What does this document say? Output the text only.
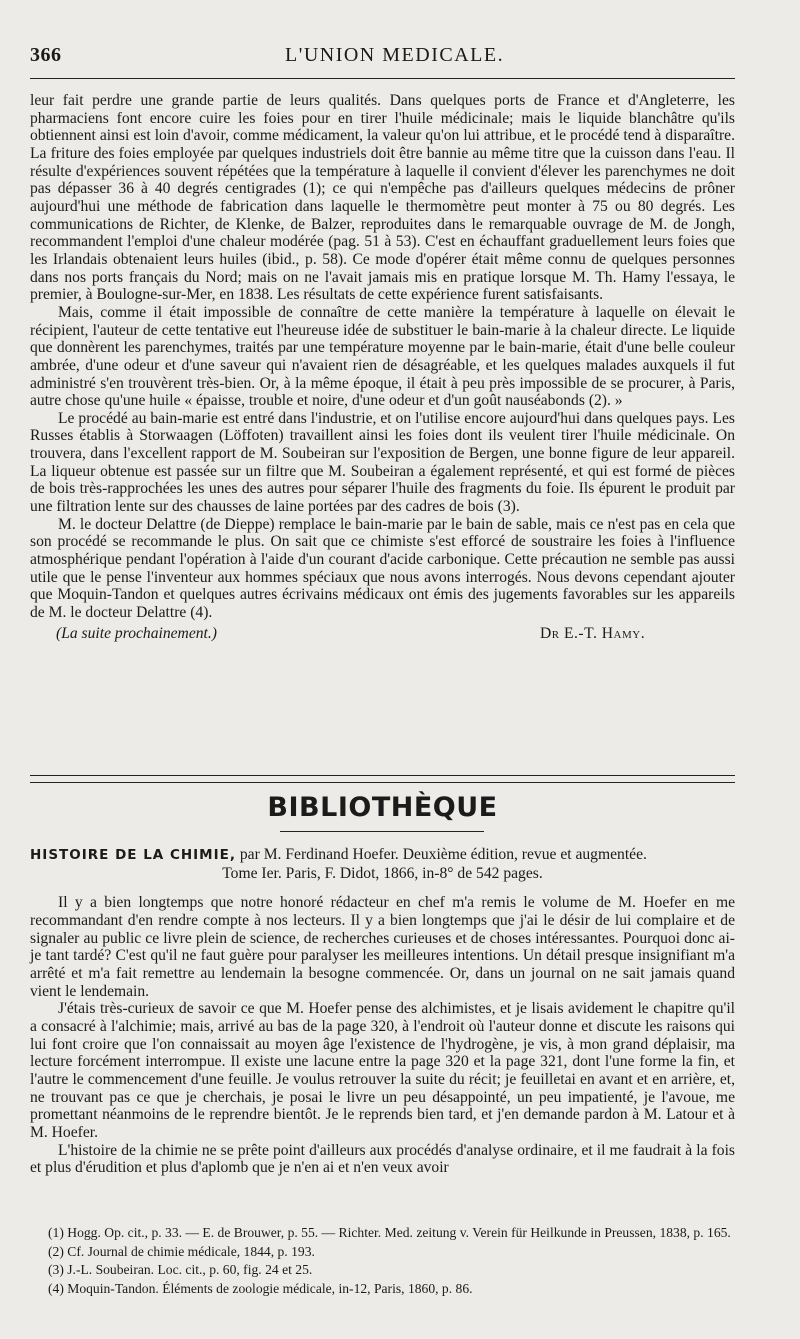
366	L'UNION MEDICALE.

leur fait perdre une grande partie de leurs qualités. Dans quelques ports de France et d'Angleterre, les pharmaciens font encore cuire les foies pour en tirer l'huile médicinale; mais le liquide blanchâtre qu'ils obtiennent ainsi est loin d'avoir, comme médicament, la valeur qu'on lui attribue, et le procédé tend à disparaître. La friture des foies employée par quelques industriels doit être bannie au même titre que la cuisson dans l'eau. Il résulte d'expériences souvent répétées que la température à laquelle il convient d'élever les parenchymes ne doit pas dépasser 36 à 40 degrés centigrades (1); ce qui n'empêche pas d'ailleurs quelques médecins de prôner aujourd'hui une méthode de fabrication dans laquelle le thermomètre peut monter à 75 ou 80 degrés. Les communications de Richter, de Klenke, de Balzer, reproduites dans le remarquable ouvrage de M. de Jongh, recommandent l'emploi d'une chaleur modérée (pag. 51 à 53). C'est en échauffant graduellement leurs foies que les Irlandais obtenaient leurs huiles (ibid., p. 58). Ce mode d'opérer était même connu de quelques personnes dans nos ports français du Nord; mais on ne l'avait jamais mis en pratique lorsque M. Th. Hamy l'essaya, le premier, à Boulogne-sur-Mer, en 1838. Les résultats de cette expérience furent satisfaisants.

Mais, comme il était impossible de connaître de cette manière la température à laquelle on élevait le récipient, l'auteur de cette tentative eut l'heureuse idée de substituer le bain-marie à la chaleur directe. Le liquide que donnèrent les parenchymes, traités par une température moyenne par le bain-marie, était d'une belle couleur ambrée, d'une odeur et d'une saveur qui n'avaient rien de désagréable, et les quelques malades auxquels il fut administré s'en trouvèrent très-bien. Or, à la même époque, il était à peu près impossible de se procurer, à Paris, autre chose qu'une huile « épaisse, trouble et noire, d'une odeur et d'un goût nauséabonds (2). »

Le procédé au bain-marie est entré dans l'industrie, et on l'utilise encore aujourd'hui dans quelques pays. Les Russes établis à Storwaagen (Löffoten) travaillent ainsi les foies dont ils veulent tirer l'huile médicinale. On trouvera, dans l'excellent rapport de M. Soubeiran sur l'exposition de Bergen, une bonne figure de leur appareil. La liqueur obtenue est passée sur un filtre que M. Soubeiran a également représenté, et qui est formé de pièces de bois très-rapprochées les unes des autres pour séparer l'huile des fragments du foie. Ils épurent le produit par une filtration lente sur des chausses de laine portées par des cadres de bois (3).

M. le docteur Delattre (de Dieppe) remplace le bain-marie par le bain de sable, mais ce n'est pas en cela que son procédé se recommande le plus. On sait que ce chimiste s'est efforcé de soustraire les foies à l'influence atmosphérique pendant l'opération à l'aide d'un courant d'acide carbonique. Cette précaution ne semble pas aussi utile que le pense l'inventeur aux hommes spéciaux que nous avons interrogés. Nous devons cependant ajouter que Moquin-Tandon et quelques autres écrivains médicaux ont émis des jugements favorables sur les appareils de M. le docteur Delattre (4).

(La suite prochainement.)	Dr E.-T. Hamy.
BIBLIOTHÈQUE

HISTOIRE DE LA CHIMIE, par M. Ferdinand Hoefer. Deuxième édition, revue et augmentée.

Tome Ier. Paris, F. Didot, 1866, in-8° de 542 pages.

Il y a bien longtemps que notre honoré rédacteur en chef m'a remis le volume de M. Hoefer en me recommandant d'en rendre compte à nos lecteurs. Il y a bien longtemps que j'ai le désir de lui complaire et de signaler au public ce livre plein de science, de recherches curieuses et de choses intéressantes. Pourquoi donc ai-je tant tardé? C'est qu'il ne faut guère pour paralyser les meilleures intentions. Un détail presque insignifiant m'a arrêté et m'a fait remettre au lendemain la besogne commencée. Or, dans un journal on ne sait jamais quand vient le lendemain.

J'étais très-curieux de savoir ce que M. Hoefer pense des alchimistes, et je lisais avidement le chapitre qu'il a consacré à l'alchimie; mais, arrivé au bas de la page 320, à l'endroit où l'auteur donne et discute les raisons qui lui font croire que l'on connaissait au moyen âge l'existence de l'hydrogène, je vis, à mon grand déplaisir, ma lecture forcément interrompue. Il existe une lacune entre la page 320 et la page 321, dont l'une forme la fin, et l'autre le commencement d'une feuille. Je voulus retrouver la suite du récit; je feuilletai en avant et en arrière, et, ne trouvant pas ce que je cherchais, je posai le livre un peu désappointé, un peu impatienté, je l'avoue, me promettant néanmoins de le reprendre bientôt. Je le reprends bien tard, et j'en demande pardon à M. Latour et à M. Hoefer.

L'histoire de la chimie ne se prête point d'ailleurs aux procédés d'analyse ordinaire, et il me faudrait à la fois et plus d'érudition et plus d'aplomb que je n'en ai et n'en veux avoir

(1) Hogg. Op. cit., p. 33. — E. de Brouwer, p. 55. — Richter. Med. zeitung v. Verein für Heilkunde in Preussen, 1838, p. 165.

(2) Cf. Journal de chimie médicale, 1844, p. 193.

(3) J.-L. Soubeiran. Loc. cit., p. 60, fig. 24 et 25.

(4) Moquin-Tandon. Éléments de zoologie médicale, in-12, Paris, 1860, p. 86.
